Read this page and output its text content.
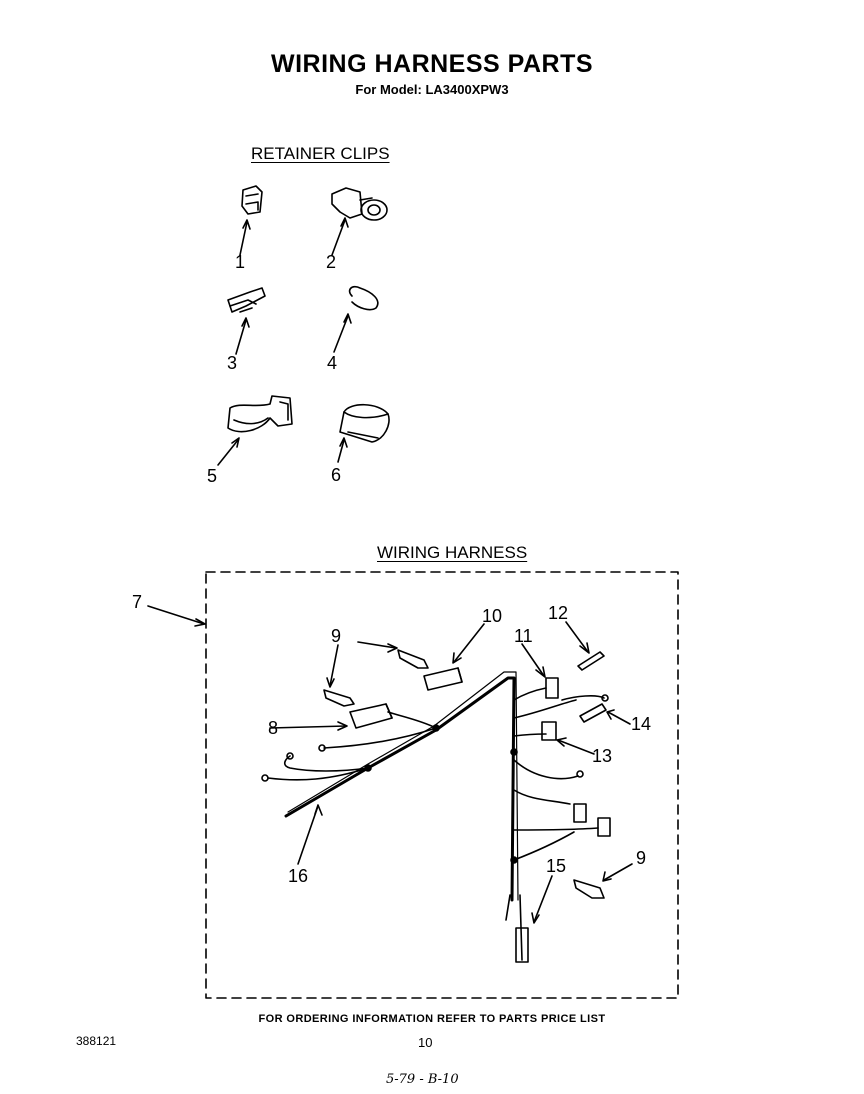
WIRING HARNESS PARTS
For Model: LA3400XPW3
RETAINER CLIPS
WIRING HARNESS
1	2
3	4
5	6
7
8
9
9
10
11
12
13
14
15
16
FOR ORDERING INFORMATION REFER TO PARTS PRICE LIST
388121	10
5-79 - B-10
